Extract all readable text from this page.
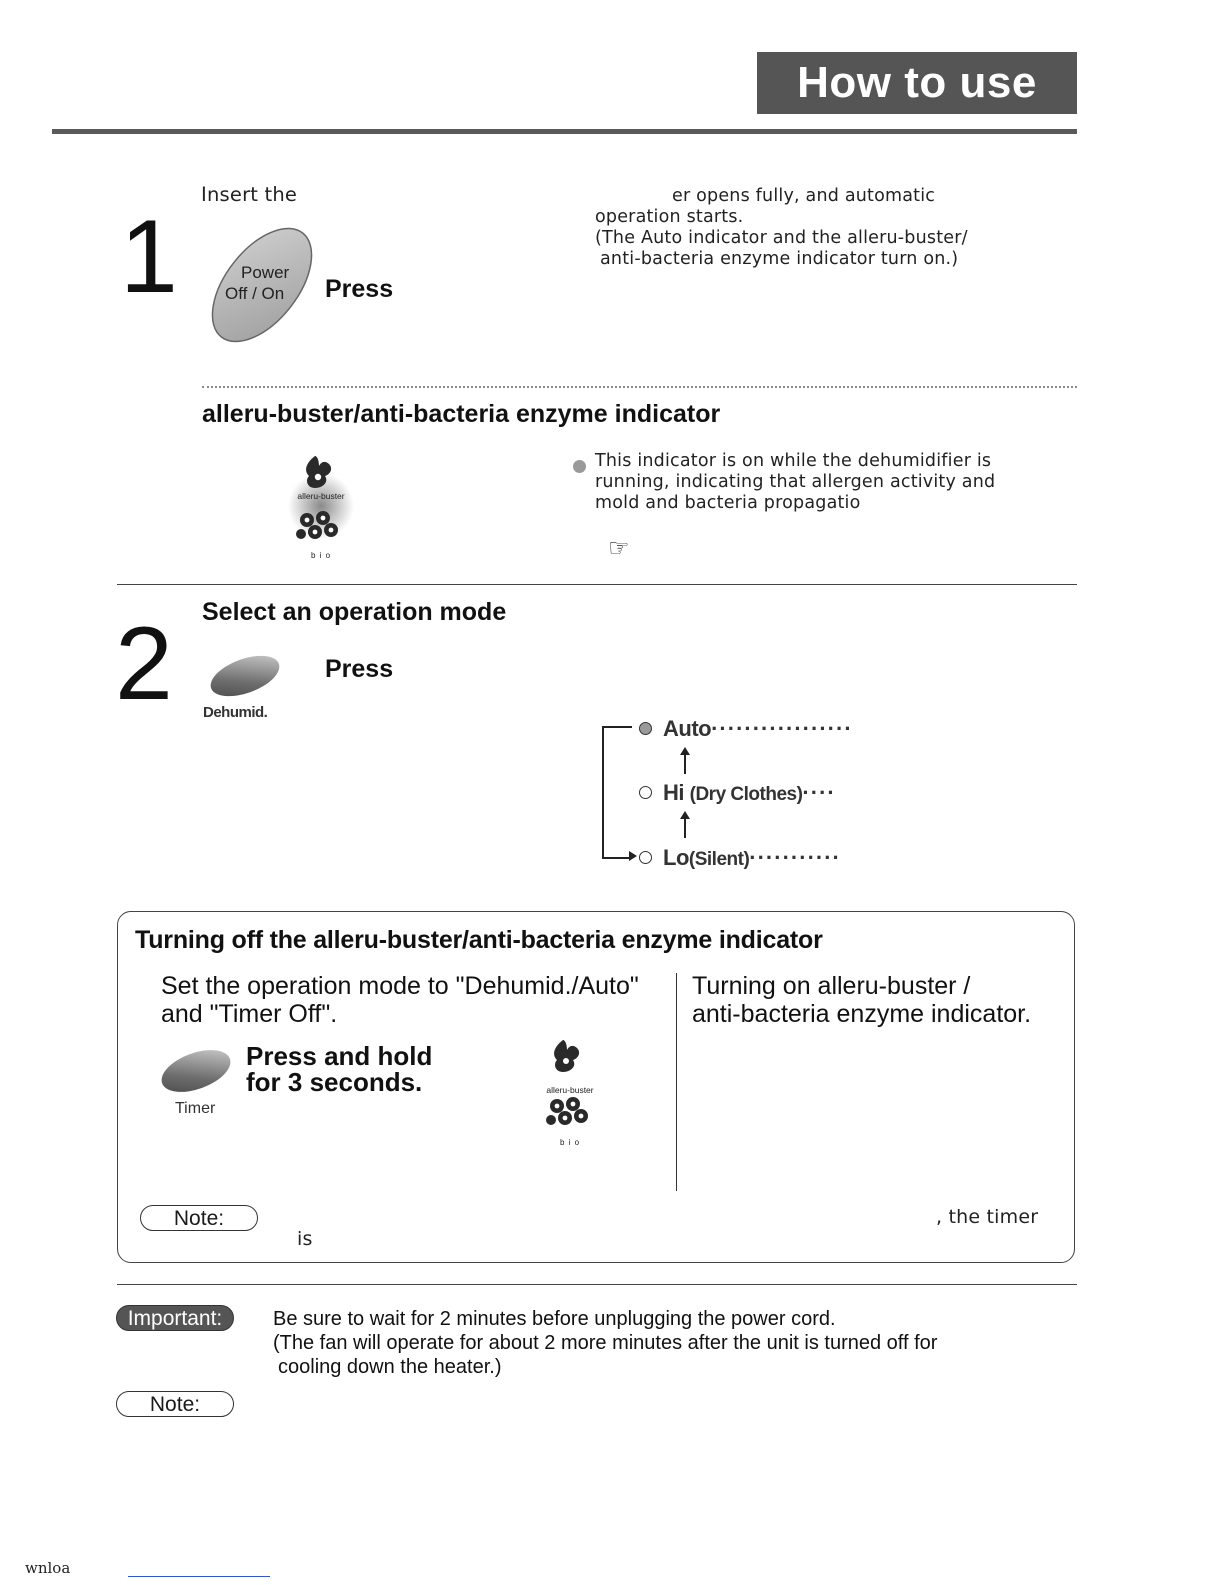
How to use
1
Insert the	er opens fully, and automatic
operation starts.
(The Auto indicator and the alleru-buster/
anti-bacteria enzyme indicator turn on.)
Power
Off / On Press
alleru-buster/anti-bacteria enzyme indicator
alleru-buster
b i o
This indicator is on while the dehumidifier is
running, indicating that allergen activity and
mold and bacteria propagatio
☞
2 Select an operation mode
Dehumid.
Press
Auto·················
Hi (Dry Clothes)····
Lo(Silent)···········
Turning off the alleru-buster/anti-bacteria enzyme indicator
Set the operation mode to "Dehumid./Auto"
and "Timer Off".
Turning on alleru-buster /
anti-bacteria enzyme indicator.
Timer
Press and hold
for 3 seconds.	alleru-buster
b i o
Note:	, the timer
is
Important:	Be sure to wait for 2 minutes before unplugging the power cord.
(The fan will operate for about 2 more minutes after the unit is turned off for
cooling down the heater.)
Note:
wnloa
